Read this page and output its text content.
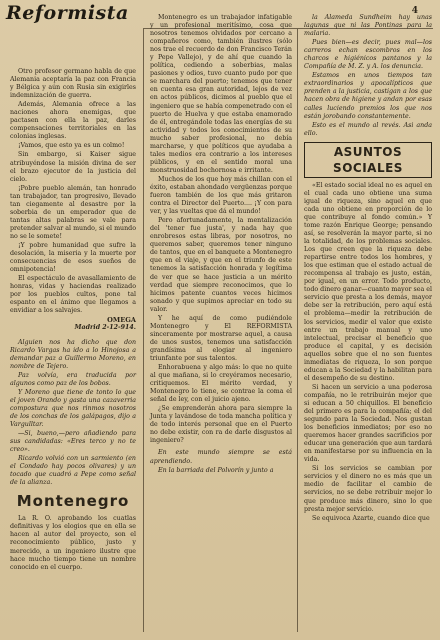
Reformista	4

Otro profesor germano habla de que Alemania aceptaría la paz con Francia y Bélgica y aún con Rusia sin exigirles indemnización de guerra.

Además, Alemania ofrece a las naciones ahora enemigas, que pactasen con ella la paz, darles compensaciones territoriales en las colonias inglesas.

¡Vamos, que esto ya es un colmo!

Sin embargo, si Kaiser sigue atribuyéndose la misión divina de ser el brazo ejecutor de la justicia del cielo.

¡Pobre pueblo alemán, tan honrado tan trabajador, tan progresivo, llevado tan ciegamente al desastre por la soberbia de un emperador que de tantas altas palabras se vale para pretender salvar al mundo, si el mundo no se le somete!

¡Y pobre humanidad que sufre la desolación, la miseria y la muerte por consecuencias de esos sueños de omnipotencia!

El espectáculo de avasallamiento de honras, vidas y haciendas realizado por los pueblos cultos, pone tal espanto en el ánimo que llegamos a envidiar a los salvajes.

OMEGA
Madrid 2-12-914.

Alguien nos ha dicho que don Ricardo Vargas ha ido a lo Hinojosa a demandar paz a Guillermo Moreno, en nombre de Tejero.

Paz volvía, era traducida por algunos como paz de los bobos.

Y Moreno que tiene de tonto lo que el joven Orando y gasta una cazaverria compostura que nos rinmos nosotros de los conchas de los galápagos, dijo a Vargulltar.

—Si, bueno,—pero añadiendo para sus candidadas: «Eres terco y no te creo».

Ricardo volvió con un sarmiento (en el Condado hay pocos olivares) y un tocado que cuadró a Pepe como señal de la alianza.

Montenegro

La R. O. aprobando los cuatlas definitivas y los elogios que en ella se hacen al autor del proyecto, son el reconocimiento público, justo y merecido, a un ingeniero ilustre que hace mucho tiempo tiene un nombre conocido en el cuerpo.

Montenegro es un trabajador infatigable y un profesional meritísimo, cosa que nosotros tenemos olvidados por cercano a compañeros como, también ilustres (sólo nos trae el recuerdo de don Francisco Terán y Pepe Vallejo), y de ahí que cuando la política, cediendo a soberbias, malas pasiones y odios, tuvo cuanto pudo por que se marchara del puerto; tenemos que tener en cuenta esa gran autoridad, lejos de vez en actos públicos, dicimos al pueblo que el ingeniero que se había compenetrado con el puerto de Huelva y que estaba enamorado de él, entregándole todas las energías de su actividad y todos los conocimientos de su mucho saber profesional, no debía marcharse, y que políticos que ayudaba a tales medios era contrario a los intereses públicos, y en el sentido moral una monstruosidad bochornosa e irritante.

Muchos de los que hoy más chillan con el éxito, estaban ahondado vergüenzas porque fueron también de los que más gritaron contra el Director del Puerto.... ¡Y con para ver, y las vueltas que dá el mundo!

Pero afortunadamente, la mentalización del 'tener fue justa', y nada hay que enrobresos estas libras, por nosotros, no queremos saber, queremos tener ninguno de tantos, que en el banquete a Montenegro que en el viaje, y que en el triunfo de este tenemos la satisfacción honrada y legítima de ver que se hace justicia a un mérito verdad que siempre reconocimos, que lo hicimos patente cuantos veces hicimos sonado y que supimos apreciar en todo su valor.

Y he aquí de como pudiéndole Montenegro y El REFORMISTA sinceramente por mostrarse aquel, a causa de unos sustos, tenemos una satisfacción grandísima al elogiar al ingeniero triunfante por sus talentos.

Enhorabuena y algo más: lo que no quite al que mañana, si lo creyéramos necesario, critiquemos. El mérito verdad, y Montenegro lo tiene, se contrae la coma el señal de ley, con el juicio ajeno.

¿Se emprenderán ahora para siempre la Junta y lavándose de toda mancha política y de todo interés personal que en el Puerto no debe existir, con ra de darle disgustos al ingeniero?

En este mundo siempre se está aprendiendo.

En la barriada del Polvorín y junto a

la Alameda Sundheim hay unas lagunas que ni las Pontinas para la malaria.

Pues bien—es decir, pues mal—los carreros echan escombros en los charcos e higiénicos pantanos y la Compañía de M. Z. y A. los denuncia.

Estamos en unos tiempos tan extraordinarios y apocalípticos que prenden a la justicia, castigan a los que hacen obra de higiene y andan por esas calles luciendo premios los que nos están jorobando constantemente.

Esto es el mundo al revés. Asi anda ello.

ASUNTOS SOCIALES

«El estado social ideal no es aquel en el cual cada uno obtiene una suma igual de riqueza, sino aquel en que cada uno obtiene en proporción de lo que contribuye al fondo común.» Y tome razón Enrique George; pensando así, se resolverán la mayor parte, si no la totalidad, de los problemas sociales. Los que creen que la riqueza debe repartirse entre todos los hombres, y los que estiman que el estado actual de recompensa al trabajo es justo, están, por igual, en un error. Todo producto, todo dinero ganar—cuanto mayor sea el servicio que presta a los demás, mayor debe ser la retribución, pero aquí está el problema—medir la retribución de los servicios, medir el valor que existe entre un trabajo manual y uno intelectual, precisar el beneficio que produce el capital, y es decisión aquellos sobre que el no son fuentes inmediatas de riqueza, lo son porque educan a la Sociedad y la habilitan para el desempeño de su destino.

Si hacen un servicio a una poderosa compañía, no le retribuirán mejor que si educan a 50 chiquillos. El beneficio del primero es para la compañía; el del segundo para la Sociedad. Nos gustan los beneficios inmediatos; por eso no queremos hacer grandes sacrificios por educar una generación que aun tardará en manifestarse por su influencia en la vida.

Si los servicios se cambian por servicios y el dinero no es más que un medio de facilitar el cambio de servicios, no se debe retribuir mejor lo que produce más dinero, sino lo que presta mejor servicio.

Se equivoca Azarte, cuando dice que
